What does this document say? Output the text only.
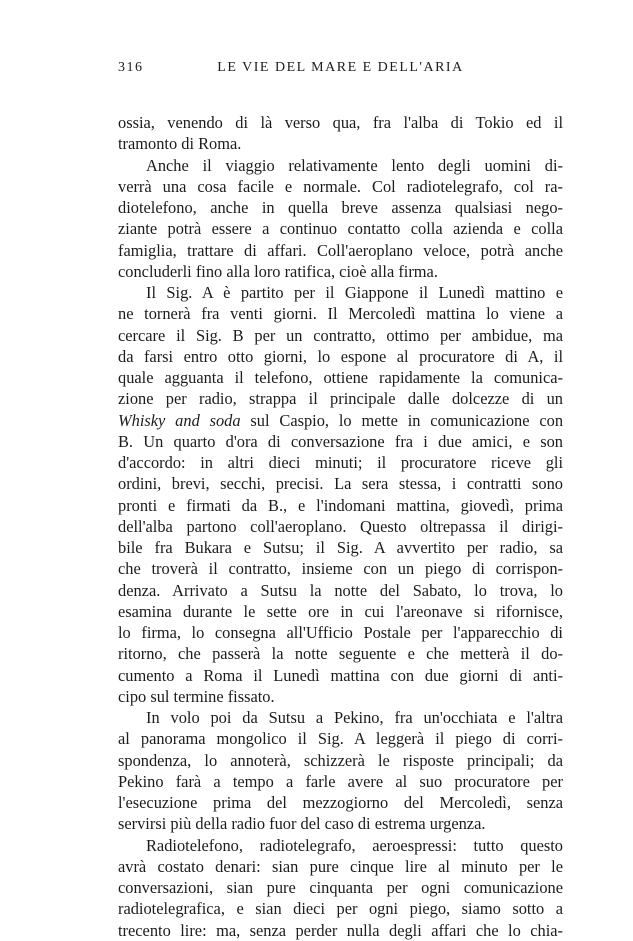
316	LE VIE DEL MARE E DELL'ARIA

ossia, venendo di là verso qua, fra l'alba di Tokio ed il
tramonto di Roma.

Anche il viaggio relativamente lento degli uomini di-
verrà una cosa facile e normale. Col radiotelegrafo, col ra-
diotelefono, anche in quella breve assenza qualsiasi nego-
ziante potrà essere a continuo contatto colla azienda e colla
famiglia, trattare di affari. Coll'aeroplano veloce, potrà anche
concluderli fino alla loro ratifica, cioè alla firma.

Il Sig. A è partito per il Giappone il Lunedì mattino e
ne tornerà fra venti giorni. Il Mercoledì mattina lo viene a
cercare il Sig. B per un contratto, ottimo per ambidue, ma
da farsi entro otto giorni, lo espone al procuratore di A, il
quale agguanta il telefono, ottiene rapidamente la comunica-
zione per radio, strappa il principale dalle dolcezze di un
Whisky and soda sul Caspio, lo mette in comunicazione con
B. Un quarto d'ora di conversazione fra i due amici, e son
d'accordo: in altri dieci minuti; il procuratore riceve gli
ordini, brevi, secchi, precisi. La sera stessa, i contratti sono
pronti e firmati da B., e l'indomani mattina, giovedì, prima
dell'alba partono coll'aeroplano. Questo oltrepassa il dirigi-
bile fra Bukara e Sutsu; il Sig. A avvertito per radio, sa
che troverà il contratto, insieme con un piego di corrispon-
denza. Arrivato a Sutsu la notte del Sabato, lo trova, lo
esamina durante le sette ore in cui l'areonave si rifornisce,
lo firma, lo consegna all'Ufficio Postale per l'apparecchio di
ritorno, che passerà la notte seguente e che metterà il do-
cumento a Roma il Lunedì mattina con due giorni di anti-
cipo sul termine fissato.

In volo poi da Sutsu a Pekino, fra un'occhiata e l'altra
al panorama mongolico il Sig. A leggerà il piego di corri-
spondenza, lo annoterà, schizzerà le risposte principali; da
Pekino farà a tempo a farle avere al suo procuratore per
l'esecuzione prima del mezzogiorno del Mercoledì, senza
servirsi più della radio fuor del caso di estrema urgenza.

Radiotelefono, radiotelegrafo, aeroespressi: tutto questo
avrà costato denari: sian pure cinque lire al minuto per le
conversazioni, sian pure cinquanta per ogni comunicazione
radiotelegrafica, e sian dieci per ogni piego, siamo sotto a
trecento lire: ma, senza perder nulla degli affari che lo chia-
